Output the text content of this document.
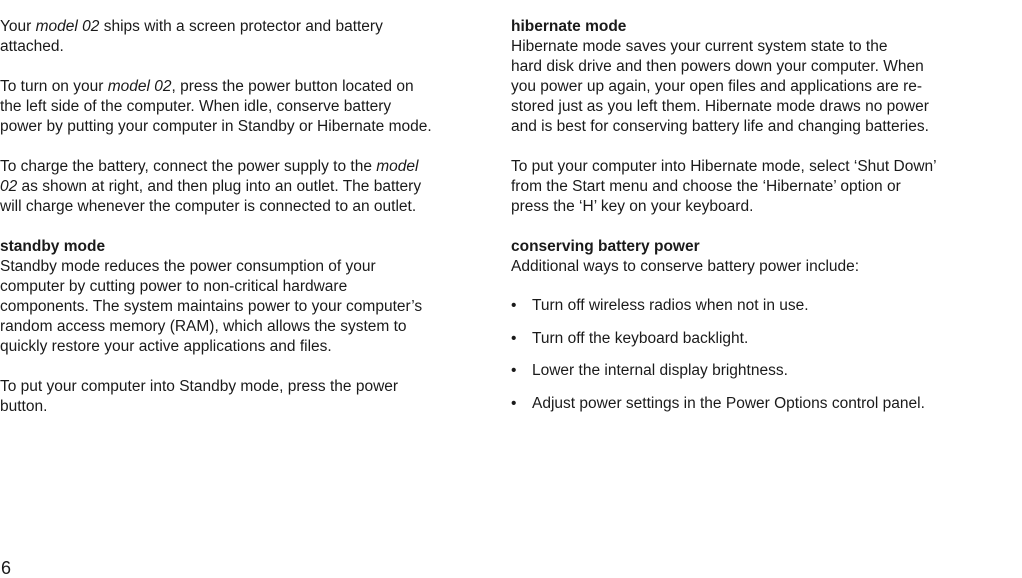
Your model 02 ships with a screen protector and battery
attached.

To turn on your model 02, press the power button located on
the left side of the computer. When idle, conserve battery
power by putting your computer in Standby or Hibernate mode.

To charge the battery, connect the power supply to the model
02 as shown at right, and then plug into an outlet. The battery
will charge whenever the computer is connected to an outlet.

standby mode
Standby mode reduces the power consumption of your
computer by cutting power to non-critical hardware
components. The system maintains power to your computer’s
random access memory (RAM), which allows the system to
quickly restore your active applications and files.

To put your computer into Standby mode, press the power
button.

hibernate mode
Hibernate mode saves your current system state to the
hard disk drive and then powers down your computer. When
you power up again, your open files and applications are re-
stored just as you left them. Hibernate mode draws no power
and is best for conserving battery life and changing batteries.

To put your computer into Hibernate mode, select ‘Shut Down’
from the Start menu and choose the ‘Hibernate’ option or
press the ‘H’ key on your keyboard.

conserving battery power
Additional ways to conserve battery power include:

• Turn off wireless radios when not in use.
• Turn off the keyboard backlight.
• Lower the internal display brightness.
• Adjust power settings in the Power Options control panel.
6
